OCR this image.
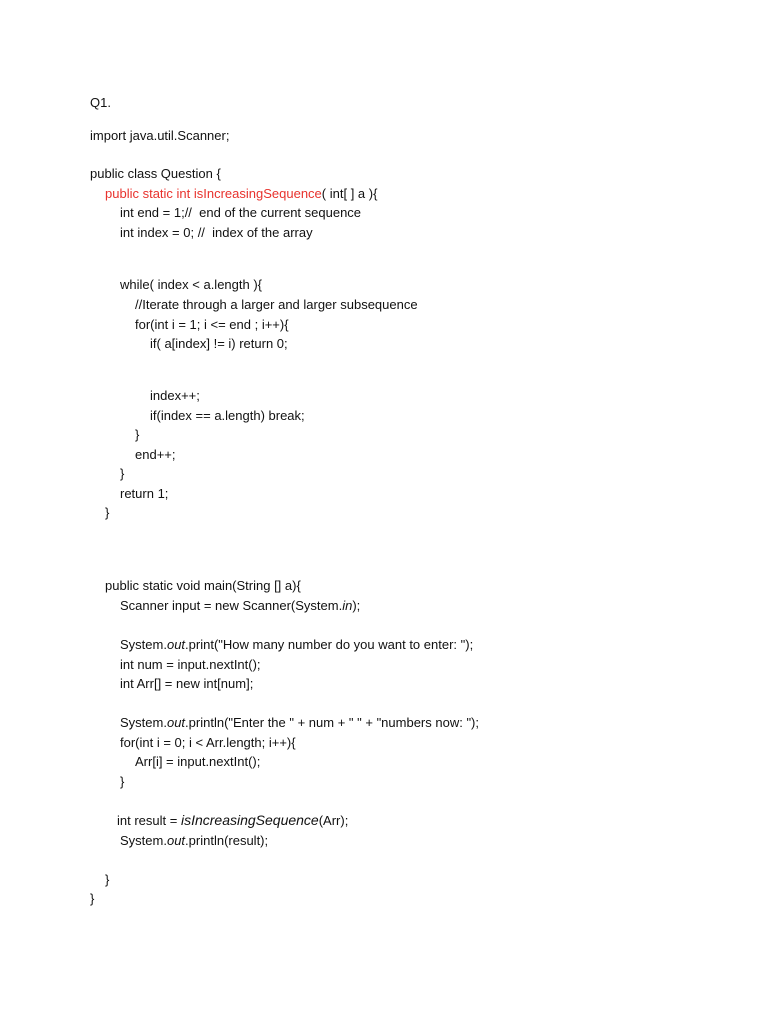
Q1.
import java.util.Scanner;
public class Question {
public static int isIncreasingSequence( int[ ] a ){
int end = 1;//  end of the current sequence
int index = 0; //  index of the array
while( index < a.length ){
//Iterate through a larger and larger subsequence
for(int i = 1; i <= end ; i++){
if( a[index] != i) return 0;
index++;
if(index == a.length) break;
}
end++;
}
return 1;
}
public static void main(String [] a){
Scanner input = new Scanner(System.in);
System.out.print("How many number do you want to enter: ");
int num = input.nextInt();
int Arr[] = new int[num];
System.out.println("Enter the " + num + " " + "numbers now: ");
for(int i = 0; i < Arr.length; i++){
Arr[i] = input.nextInt();
}
int result = isIncreasingSequence(Arr);
System.out.println(result);
}
}
